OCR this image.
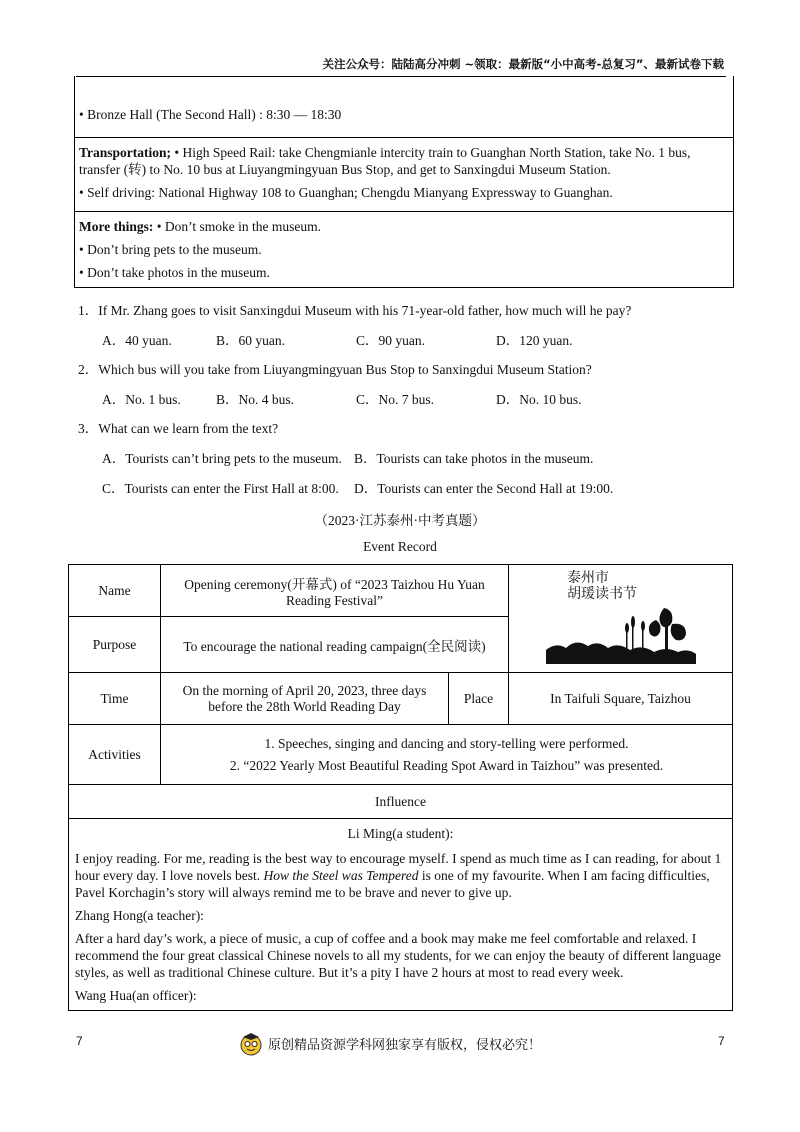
关注公众号：陆陆高分冲刺 ~领取：最新版“小中高考-总复习”、最新试卷下载

• Bronze Hall (The Second Hall) : 8:30 — 18:30

Transportation; • High Speed Rail: take Chengmianle intercity train to Guanghan North Station, take No. 1 bus, transfer (转) to No. 10 bus at Liuyangmingyuan Bus Stop, and get to Sanxingdui Museum Station.

• Self driving: National Highway 108 to Guanghan; Chengdu Mianyang Expressway to Guanghan.

More things: • Don’t smoke in the museum.

• Don’t bring pets to the museum.

• Don’t take photos in the museum.

1．If Mr. Zhang goes to visit Sanxingdui Museum with his 71-year-old father, how much will he pay?
A．40 yuan.	B．60 yuan.	C．90 yuan.	D．120 yuan.
2．Which bus will you take from Liuyangmingyuan Bus Stop to Sanxingdui Museum Station?
A．No. 1 bus.	B．No. 4 bus.	C．No. 7 bus.	D．No. 10 bus.
3．What can we learn from the text?
A．Tourists can’t bring pets to the museum. B．Tourists can take photos in the museum.
C．Tourists can enter the First Hall at 8:00. D．Tourists can enter the Second Hall at 19:00.
（2023·江苏泰州·中考真题）
Event Record
Name	Opening ceremony(开幕式) of “2023 Taizhou Hu Yuan Reading Festival”		泰州市
胡瑗读书节

Purpose	To encourage the national reading campaign(全民阅读)		
Time	On the morning of April 20, 2023, three days before the 28th World Reading Day	Place	In Taifuli Square, Taizhou
Activities	1. Speeches, singing and dancing and story-telling were performed.
2. “2022 Yearly Most Beautiful Reading Spot Award in Taizhou” was presented.		

Influence			

Li Ming(a student):

I enjoy reading. For me, reading is the best way to encourage myself. I spend as much time as I can reading, for about 1 hour every day. I love novels best. How the Steel was Tempered is one of my favourite. When I am facing difficulties, Pavel Korchagin’s story will always remind me to be brave and never to give up.

Zhang Hong(a teacher):

After a hard day’s work, a piece of music, a cup of coffee and a book may make me feel comfortable and relaxed. I recommend the four great classical Chinese novels to all my students, for we can enjoy the beauty of different language styles, as well as traditional Chinese culture. But it’s a pity I have 2 hours at most to read every week.

Wang Hua(an officer):			

7	7
原创精品资源学科网独家享有版权，侵权必究！
